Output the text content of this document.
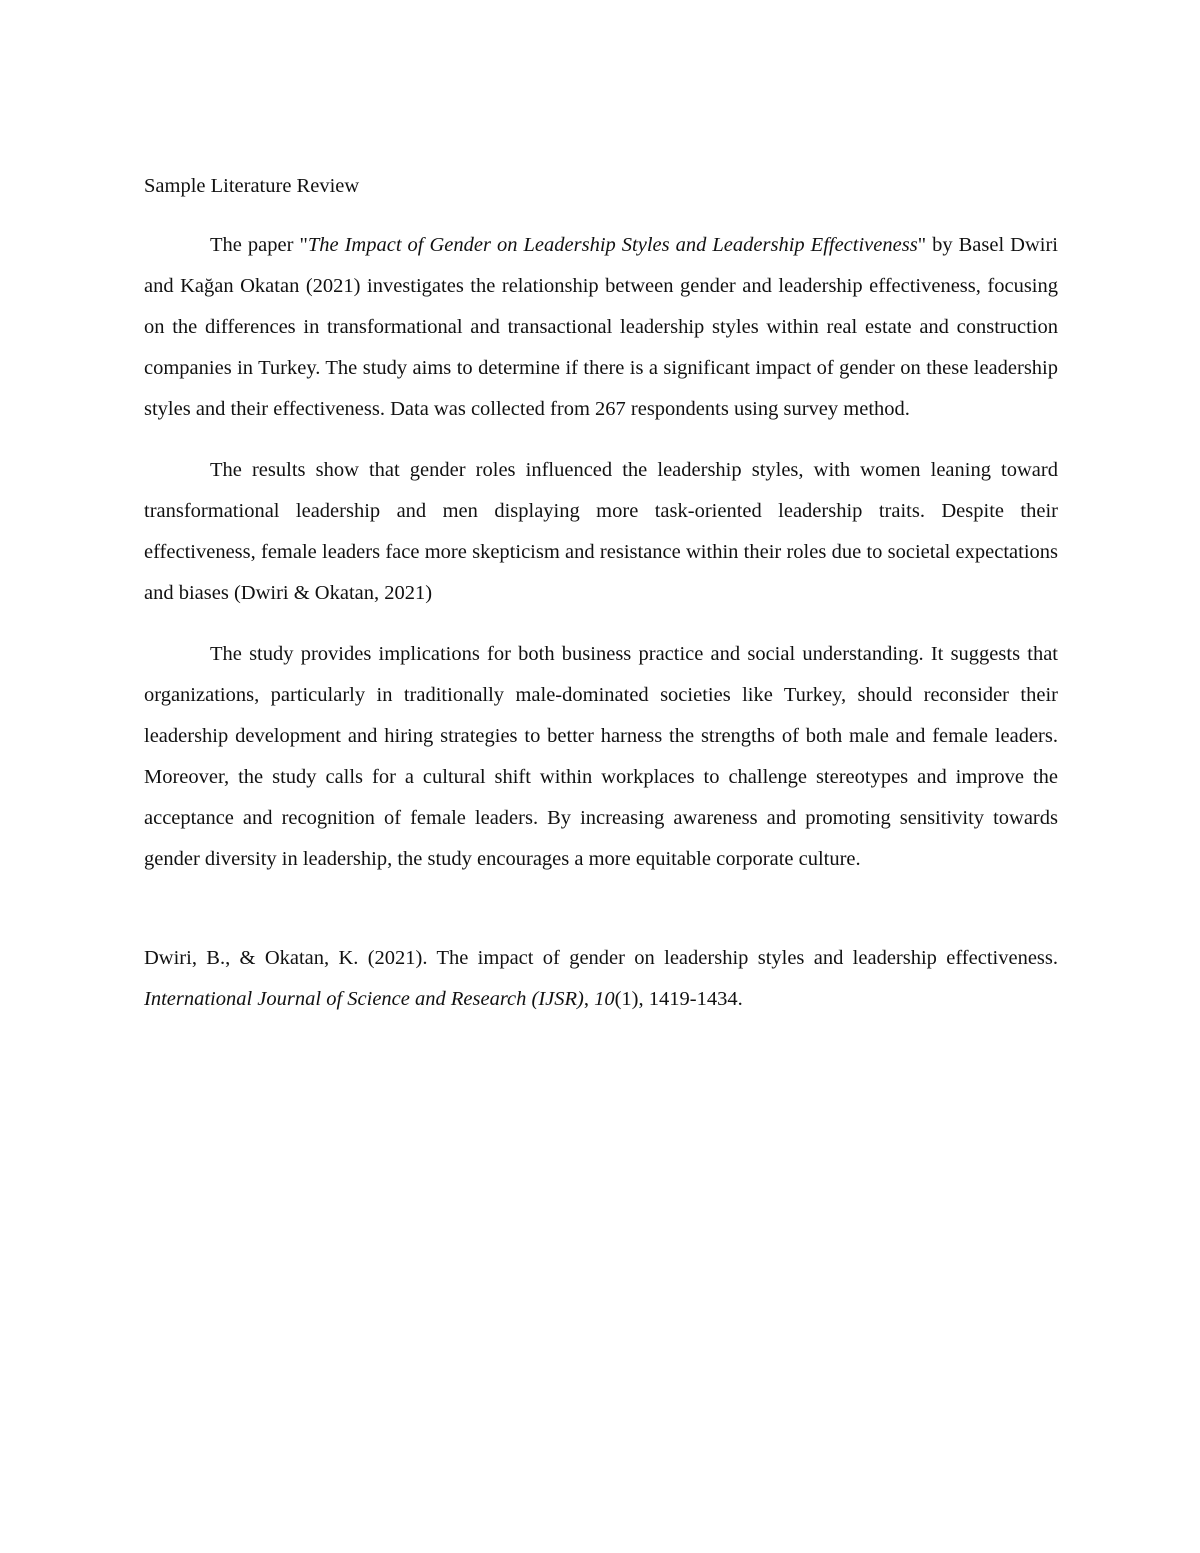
Sample Literature Review

The paper "The Impact of Gender on Leadership Styles and Leadership Effectiveness" by Basel Dwiri and Kağan Okatan (2021) investigates the relationship between gender and leadership effectiveness, focusing on the differences in transformational and transactional leadership styles within real estate and construction companies in Turkey. The study aims to determine if there is a significant impact of gender on these leadership styles and their effectiveness. Data was collected from 267 respondents using survey method.

The results show that gender roles influenced the leadership styles, with women leaning toward transformational leadership and men displaying more task-oriented leadership traits. Despite their effectiveness, female leaders face more skepticism and resistance within their roles due to societal expectations and biases (Dwiri & Okatan, 2021)

The study provides implications for both business practice and social understanding. It suggests that organizations, particularly in traditionally male-dominated societies like Turkey, should reconsider their leadership development and hiring strategies to better harness the strengths of both male and female leaders. Moreover, the study calls for a cultural shift within workplaces to challenge stereotypes and improve the acceptance and recognition of female leaders. By increasing awareness and promoting sensitivity towards gender diversity in leadership, the study encourages a more equitable corporate culture.

Dwiri, B., & Okatan, K. (2021). The impact of gender on leadership styles and leadership effectiveness. International Journal of Science and Research (IJSR), 10(1), 1419-1434.
